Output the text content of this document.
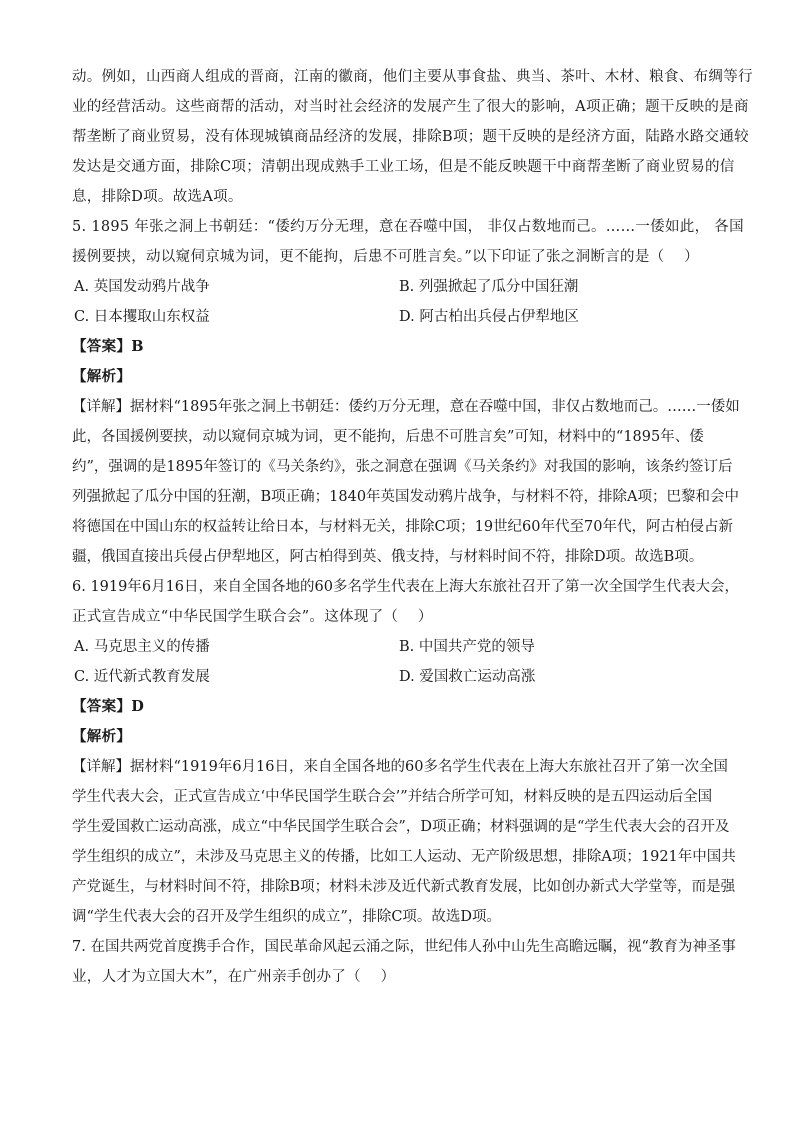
动。例如，山西商人组成的晋商，江南的徽商，他们主要从事食盐、典当、茶叶、木材、粮食、布绸等行

业的经营活动。这些商帮的活动，对当时社会经济的发展产生了很大的影响，A项正确；题干反映的是商

帮垄断了商业贸易，没有体现城镇商品经济的发展，排除B项；题干反映的是经济方面，陆路水路交通较

发达是交通方面，排除C项；清朝出现成熟手工业工场，但是不能反映题干中商帮垄断了商业贸易的信

息，排除D项。故选A项。

5. 1895 年张之洞上书朝廷：“倭约万分无理，意在吞噬中国， 非仅占数地而己。……一倭如此， 各国

援例要挟，动以窥伺京城为词，更不能拘，后患不可胜言矣。”以下印证了张之洞断言的是（　 ）

A. 英国发动鸦片战争	B. 列强掀起了瓜分中国狂潮
C. 日本攫取山东权益	D. 阿古柏出兵侵占伊犁地区

【答案】B

【解析】

【详解】据材料“1895年张之洞上书朝廷：倭约万分无理，意在吞噬中国，非仅占数地而己。……一倭如

此，各国援例要挟，动以窥伺京城为词，更不能拘，后患不可胜言矣”可知，材料中的“1895年、倭

约”，强调的是1895年签订的《马关条约》，张之洞意在强调《马关条约》对我国的影响，该条约签订后

列强掀起了瓜分中国的狂潮，B项正确；1840年英国发动鸦片战争，与材料不符，排除A项；巴黎和会中

将德国在中国山东的权益转让给日本，与材料无关，排除C项；19世纪60年代至70年代，阿古柏侵占新

疆，俄国直接出兵侵占伊犁地区，阿古柏得到英、俄支持，与材料时间不符，排除D项。故选B项。

6. 1919年6月16日，来自全国各地的60多名学生代表在上海大东旅社召开了第一次全国学生代表大会，

正式宣告成立“中华民国学生联合会”。这体现了（　 ）

A. 马克思主义的传播	B. 中国共产党的领导
C. 近代新式教育发展	D. 爱国救亡运动高涨

【答案】D

【解析】

【详解】据材料“1919年6月16日，来自全国各地的60多名学生代表在上海大东旅社召开了第一次全国

学生代表大会，正式宣告成立‘中华民国学生联合会’”并结合所学可知，材料反映的是五四运动后全国

学生爱国救亡运动高涨，成立“中华民国学生联合会”，D项正确；材料强调的是“学生代表大会的召开及

学生组织的成立”，未涉及马克思主义的传播，比如工人运动、无产阶级思想，排除A项；1921年中国共

产党诞生，与材料时间不符，排除B项；材料未涉及近代新式教育发展，比如创办新式大学堂等，而是强

调“学生代表大会的召开及学生组织的成立”，排除C项。故选D项。

7. 在国共两党首度携手合作，国民革命风起云涌之际，世纪伟人孙中山先生高瞻远瞩，视“教育为神圣事

业，人才为立国大木”，在广州亲手创办了（　 ）
